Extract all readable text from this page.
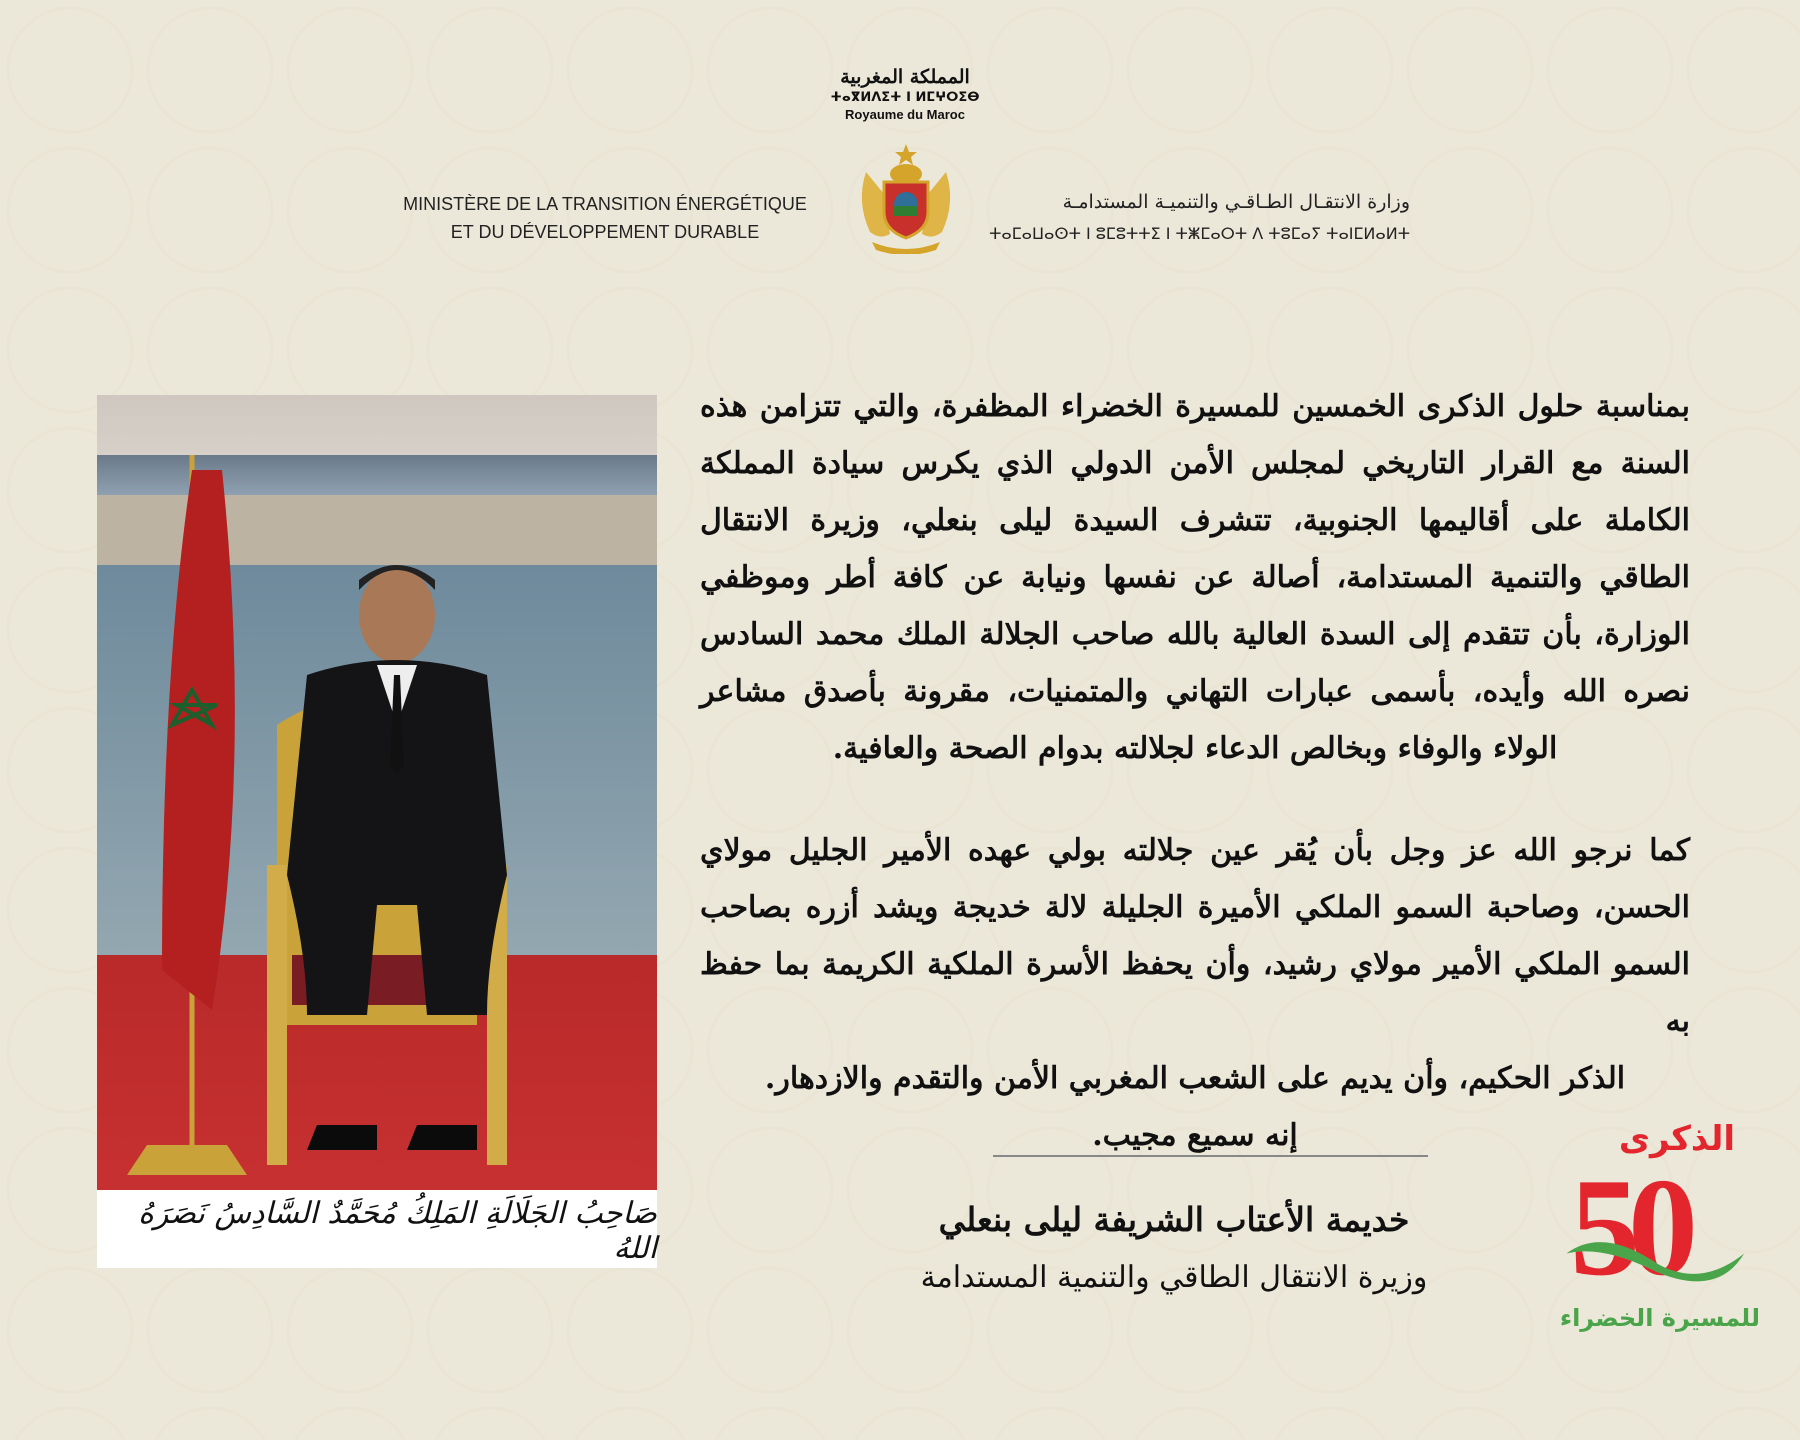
المملكة المغربية
ⵜⴰⴳⵍⴷⵉⵜ ⵏ ⵍⵎⵖⵔⵉⴱ
Royaume du Maroc
MINISTÈRE DE LA TRANSITION ÉNERGÉTIQUE
ET DU DÉVELOPPEMENT DURABLE
وزارة الانتقـال الطـاقـي والتنميـة المستدامـة
ⵜⴰⵎⴰⵡⴰⵙⵜ ⵏ ⵓⵎⵓⵜⵜⵉ ⵏ ⵜⵥⵎⴰⵔⵜ ⴷ ⵜⵓⵎⴰⵢ ⵜⴰⵏⵎⵍⴰⵍⵜ
صَاحِبُ الجَلَالَةِ المَلِكُ مُحَمَّدٌ السَّادِسُ نَصَرَهُ اللهُ
بمناسبة حلول الذكرى الخمسين للمسيرة الخضراء المظفرة، والتي تتزامن هذه
السنة مع القرار التاريخي لمجلس الأمن الدولي الذي يكرس سيادة المملكة
الكاملة على أقاليمها الجنوبية، تتشرف السيدة ليلى بنعلي، وزيرة الانتقال
الطاقي والتنمية المستدامة، أصالة عن نفسها ونيابة عن كافة أطر وموظفي
الوزارة، بأن تتقدم إلى السدة العالية بالله صاحب الجلالة الملك محمد السادس
نصره الله وأيده، بأسمى عبارات التهاني والمتمنيات، مقرونة بأصدق مشاعر
الولاء والوفاء وبخالص الدعاء لجلالته بدوام الصحة والعافية.
كما نرجو الله عز وجل بأن يُقر عين جلالته بولي عهده الأمير الجليل مولاي
الحسن، وصاحبة السمو الملكي الأميرة الجليلة لالة خديجة ويشد أزره بصاحب
السمو الملكي الأمير مولاي رشيد، وأن يحفظ الأسرة الملكية الكريمة بما حفظ به
الذكر الحكيم، وأن يديم على الشعب المغربي الأمن والتقدم والازدهار.
إنه سميع مجيب.
خديمة الأعتاب الشريفة ليلى بنعلي
وزيرة الانتقال الطاقي والتنمية المستدامة
الذكرى
50
للمسيرة الخضراء
